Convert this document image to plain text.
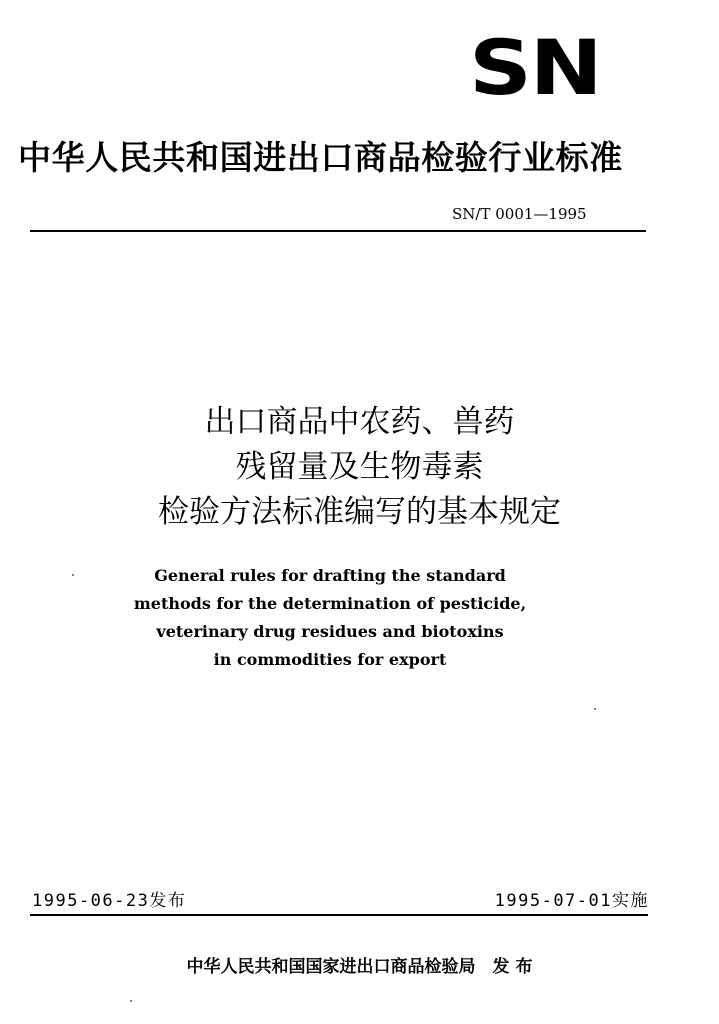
SN
中华人民共和国进出口商品检验行业标准
SN/T 0001—1995
出口商品中农药、兽药
残留量及生物毒素
检验方法标准编写的基本规定
General rules for drafting the standard
methods for the determination of pesticide,
veterinary drug residues and biotoxins
in commodities for export
1995-06-23发布	1995-07-01实施
中华人民共和国国家进出口商品检验局　发 布
